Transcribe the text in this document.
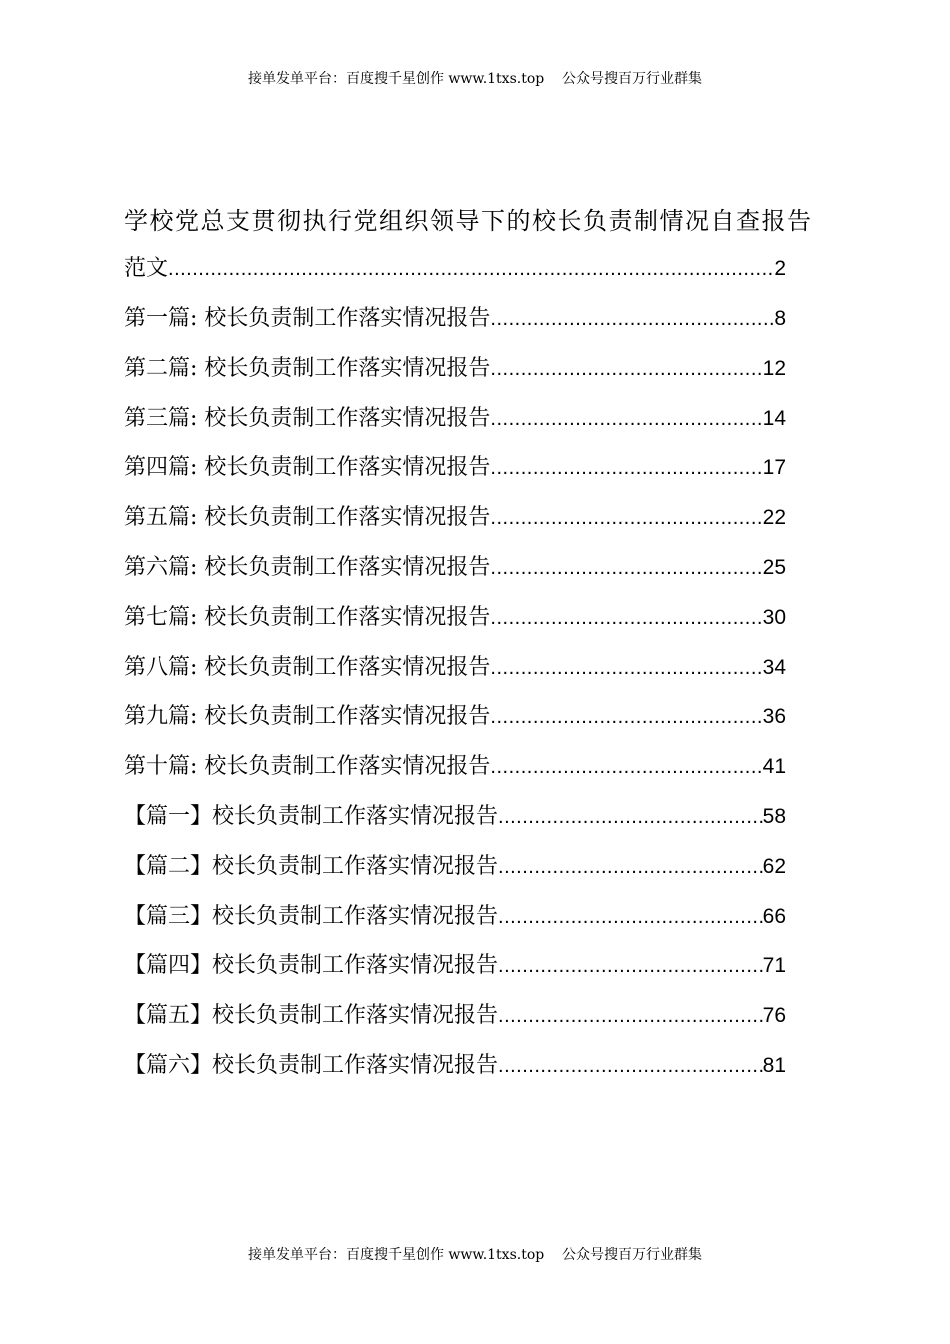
接单发单平台：百度搜千星创作 www.1txs.top    公众号搜百万行业群集
学校党总支贯彻执行党组织领导下的校长负责制情况自查报告
范文 .....	2
第一篇: 校长负责制工作落实情况报告 .....	8
第二篇: 校长负责制工作落实情况报告 .....	12
第三篇: 校长负责制工作落实情况报告 .....	14
第四篇: 校长负责制工作落实情况报告 .....	17
第五篇: 校长负责制工作落实情况报告 .....	22
第六篇: 校长负责制工作落实情况报告 .....	25
第七篇: 校长负责制工作落实情况报告 .....	30
第八篇: 校长负责制工作落实情况报告 .....	34
第九篇: 校长负责制工作落实情况报告 .....	36
第十篇: 校长负责制工作落实情况报告 .....	41
【篇一】校长负责制工作落实情况报告 .....	58
【篇二】校长负责制工作落实情况报告 .....	62
【篇三】校长负责制工作落实情况报告 .....	66
【篇四】校长负责制工作落实情况报告 .....	71
【篇五】校长负责制工作落实情况报告 .....	76
【篇六】校长负责制工作落实情况报告 .....	81
接单发单平台：百度搜千星创作 www.1txs.top    公众号搜百万行业群集
